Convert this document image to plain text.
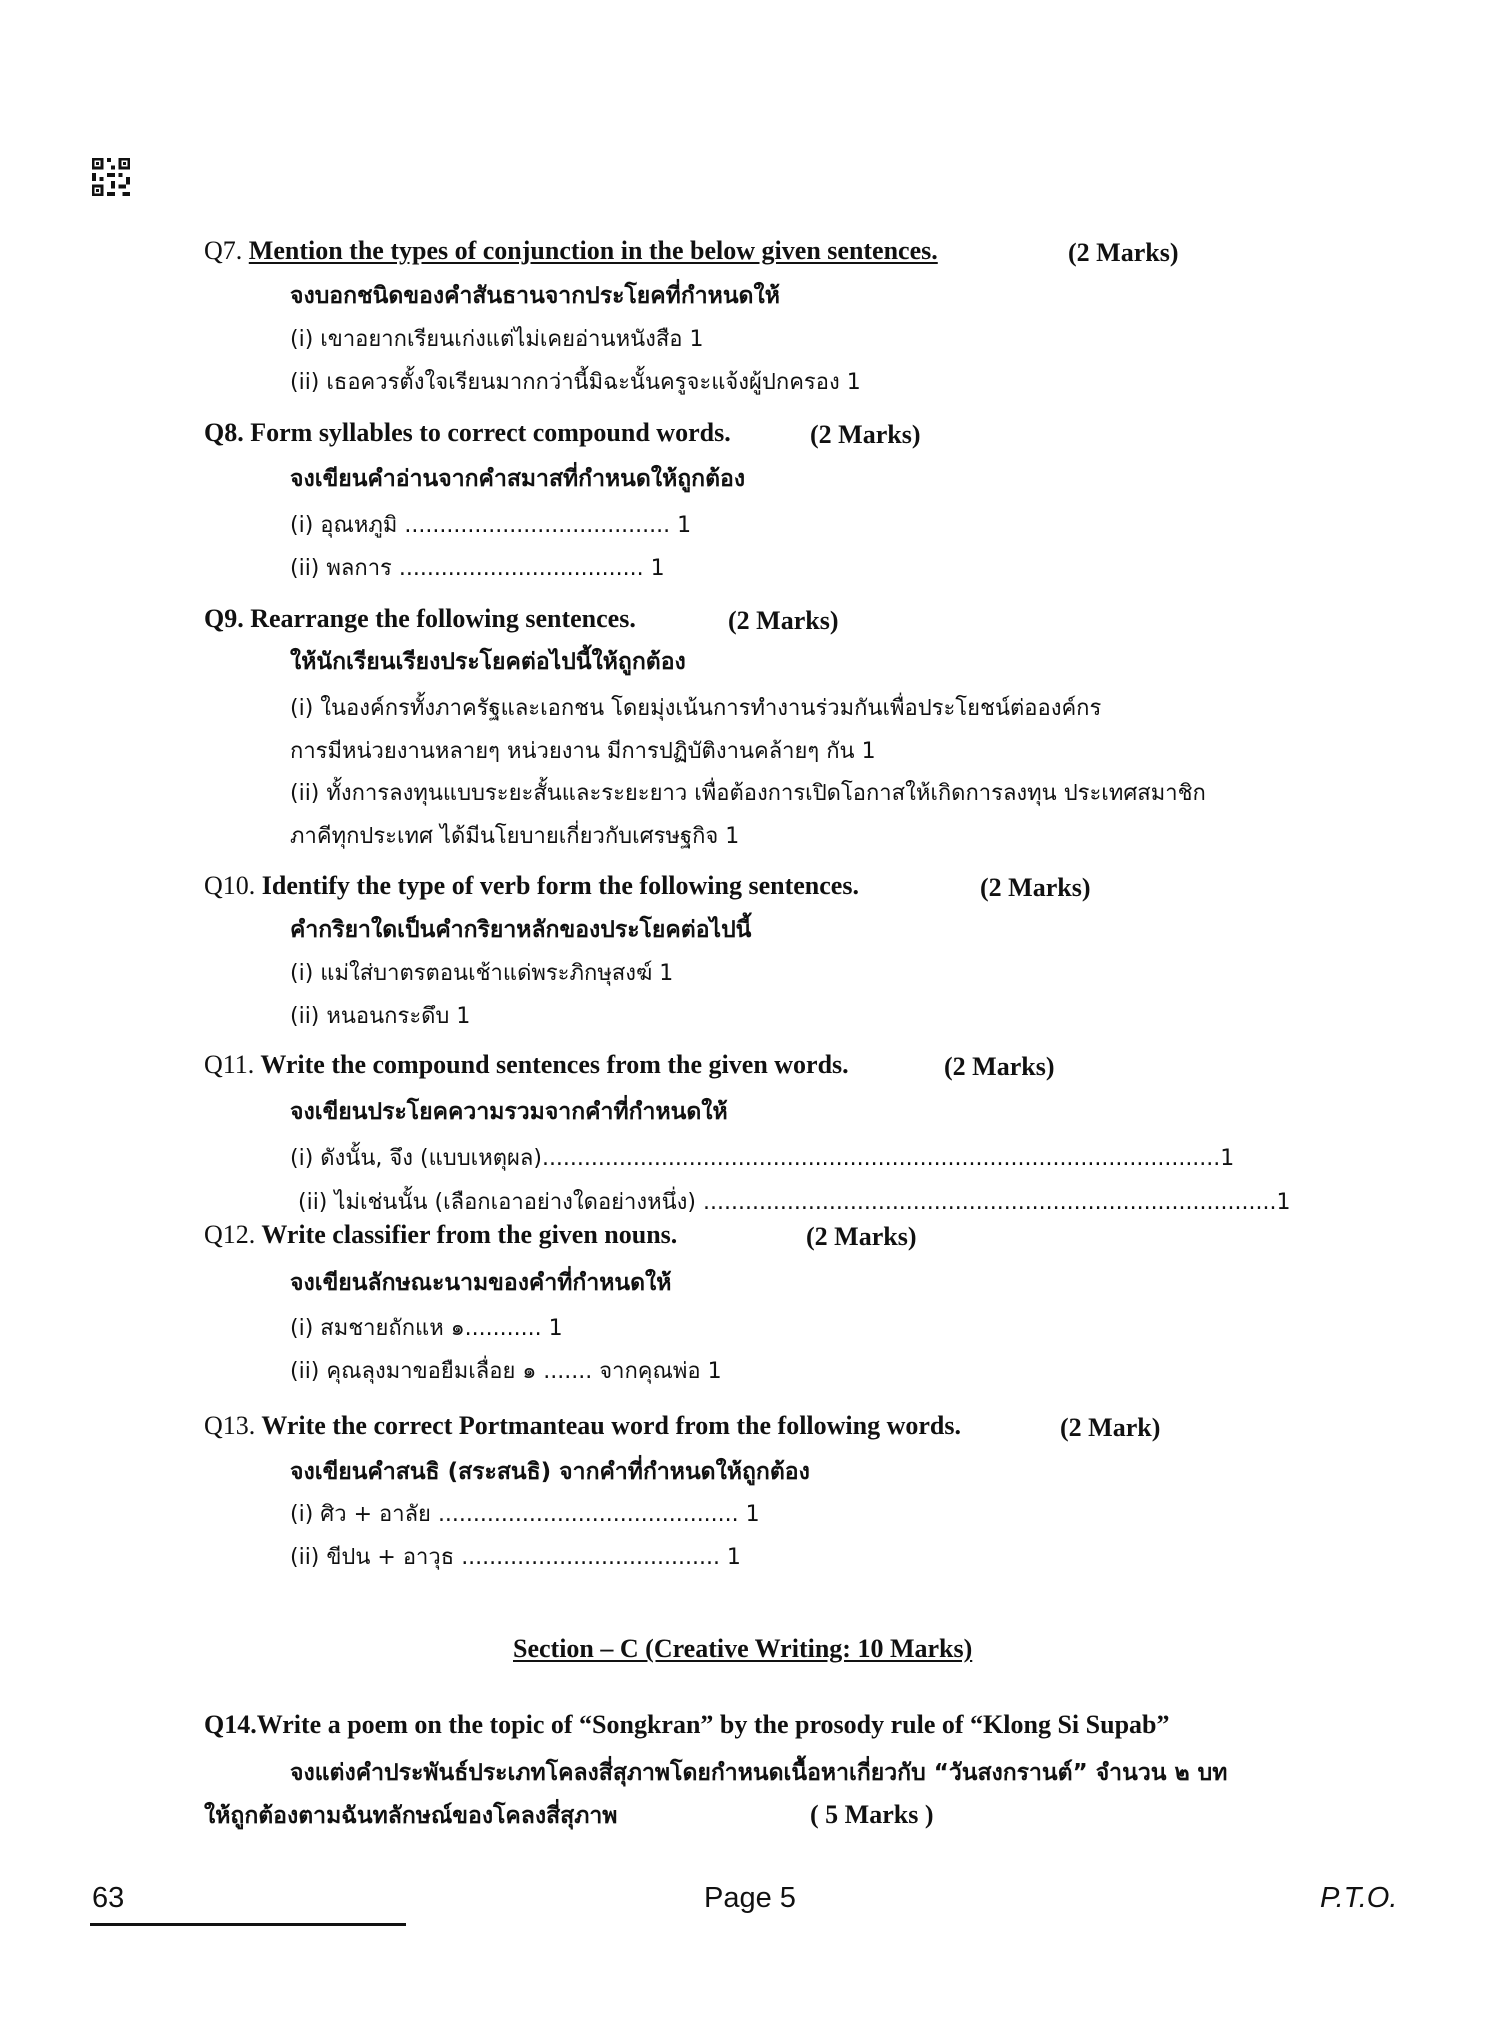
Q7. Mention the types of conjunction in the below given sentences.	(2 Marks)
จงบอกชนิดของคำสันธานจากประโยคที่กำหนดให้
(i) เขาอยากเรียนเก่งแต่ไม่เคยอ่านหนังสือ 1
(ii) เธอควรตั้งใจเรียนมากกว่านี้มิฉะนั้นครูจะแจ้งผู้ปกครอง 1
Q8. Form syllables to correct compound words.	(2 Marks)
จงเขียนคำอ่านจากคำสมาสที่กำหนดให้ถูกต้อง
(i) อุณหภูมิ ...................................... 1
(ii) พลการ ................................... 1
Q9. Rearrange the following sentences.	(2 Marks)
ให้นักเรียนเรียงประโยคต่อไปนี้ให้ถูกต้อง
(i) ในองค์กรทั้งภาครัฐและเอกชน โดยมุ่งเน้นการทำงานร่วมกันเพื่อประโยชน์ต่อองค์กร
การมีหน่วยงานหลายๆ หน่วยงาน มีการปฏิบัติงานคล้ายๆ กัน 1
(ii) ทั้งการลงทุนแบบระยะสั้นและระยะยาว เพื่อต้องการเปิดโอกาสให้เกิดการลงทุน ประเทศสมาชิก
ภาคีทุกประเทศ ได้มีนโยบายเกี่ยวกับเศรษฐกิจ 1
Q10. Identify the type of verb form the following sentences.	(2 Marks)
คำกริยาใดเป็นคำกริยาหลักของประโยคต่อไปนี้
(i) แม่ใส่บาตรตอนเช้าแด่พระภิกษุสงฆ์ 1
(ii) หนอนกระดึบ 1
Q11. Write the compound sentences from the given words.	(2 Marks)
จงเขียนประโยคความรวมจากคำที่กำหนดให้
(i) ดังนั้น, จึง (แบบเหตุผล).................................................................................................1
(ii) ไม่เช่นนั้น (เลือกเอาอย่างใดอย่างหนึ่ง) ..................................................................................1
Q12. Write classifier from the given nouns.	(2 Marks)
จงเขียนลักษณะนามของคำที่กำหนดให้
(i) สมชายถักแห ๑........... 1
(ii) คุณลุงมาขอยืมเลื่อย ๑ ....... จากคุณพ่อ 1
Q13. Write the correct Portmanteau word from the following words.	(2 Mark)
จงเขียนคำสนธิ (สระสนธิ) จากคำที่กำหนดให้ถูกต้อง
(i) ศิว + อาลัย ........................................... 1
(ii) ขีปน + อาวุธ ..................................... 1
Section – C (Creative Writing: 10 Marks)
Q14.Write a poem on the topic of “Songkran” by the prosody rule of “Klong Si Supab”
จงแต่งคำประพันธ์ประเภทโคลงสี่สุภาพโดยกำหนดเนื้อหาเกี่ยวกับ “วันสงกรานต์” จำนวน ๒ บท
ให้ถูกต้องตามฉันทลักษณ์ของโคลงสี่สุภาพ	( 5 Marks )
63	Page 5	P.T.O.
